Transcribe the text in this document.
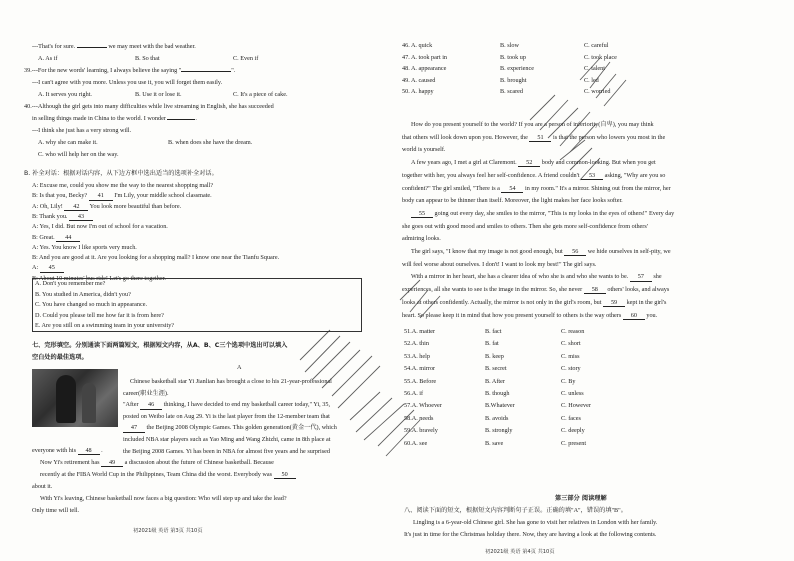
---That's for sure.	we may meet with the bad weather.
A. As if	B. So that	C. Even if
39.---For the new words' learning, I always believe the saying "	".
---I can't agree with you more. Unless you use it, you will forget them easily.
A. It serves you right.	B. Use it or lose it.	C. It's a piece of cake.
40.---Although the girl gets into many difficulties while live streaming in English, she has succeeded
in selling things made in China to the world. I wonder	.
---I think she just has a very strong will.
A. why she can make it.	B. when does she have the dream.
C. who will help her on the way.
B. 补全对话：根据对话内容，从下边方框中选出适当的选项补全对话。
A: Excuse me, could you show me the way to the nearest shopping mall?
B: Is that you, Becky? 41 I'm Lily, your middle school classmate.
A: Oh, Lily! 42 You look more beautiful than before.
B: Thank you. 43
A: Yes, I did. But now I'm out of school for a vacation.
B: Great. 44
A: Yes. You know I like sports very much.
B: And you are good at it. Are you looking for a shopping mall? I know one near the Tianfu Square.
A: 45
B: About 10 minutes' bus ride! Let's go there together.
A. Don't you remember me?
B. You studied in America, didn't you?
C. You have changed so much in appearance.
D. Could you please tell me how far it is from here?
E. Are you still on a swimming team in your university?
七、完形填空。分别通读下面两篇短文，根据短文内容，从A、B、C三个选项中选出可以填入
空白处的最佳选项。
A
Chinese basketball star Yi Jianlian has brought a close to his 21-year-professional
career(职业生涯).
"After 46 thinking, I have decided to end my basketball career today," Yi, 35,
posted on Weibo late on Aug 29. Yi is the last player from the 12-member team that
47 the Beijing 2008 Olympic Games. This golden generation(黄金一代), which
included NBA star players such as Yao Ming and Wang Zhizhi, came in 8th place at
the Beijing 2008 Games. Yi has been in NBA for almost five years and he surprised
everyone with his 48 .
Now Yi's retirement has 49 a discussion about the future of Chinese basketball. Because
recently at the FIBA World Cup in the Philippines, Team China did the worst. Everybody was 50
about it.
With Yi's leaving, Chinese basketball now faces a big question: Who will step up and take the lead?
Only time will tell.
初2021级 英语 第3页 共10页
46. A. quick	B. slow	C. careful
47. A. took part in	B. took up	C. took place
48. A. appearance	B. experience	C. talent
49. A. caused	B. brought	C. led
50. A. happy	B. scared	C. worried
How do you present yourself to the world? If you are a person of inferiority(自卑), you may think
that others will look down upon you. However, the 51 is that the person who lowers you most in the
world is yourself.
A few years ago, I met a girl at Claremont. 52 body and common-looking. But when you get
together with her, you always feel her self-confidence. A friend couldn't 53 asking, "Why are you so
confident?" The girl smiled, "There is a 54 in my room." It's a mirror. Shining out from the mirror, her
body can appear to be thinner than itself. Moreover, the light makes her face looks softer.
55 going out every day, she smiles to the mirror, "This is my looks in the eyes of others!" Every day
she goes out with good mood and smiles to others. Then she gets more self-confidence from others'
admiring looks.
The girl says, "I know that my image is not good enough, but 56 we hide ourselves in self-pity, we
will feel worse about ourselves. I don't! I want to look my best!" The girl says.
With a mirror in her heart, she has a clearer idea of who she is and who she wants to be. 57 she
experiences, all she wants to see is the image in the mirror. So, she never 58 others' looks, and always
looks at others confidently. Actually, the mirror is not only in the girl's room, but 59 kept in the girl's
heart. So please keep it in mind that how you present yourself to others is the way others 60 you.
51.A. matter	B. fact	C. reason
52.A. thin	B. fat	C. short
53.A. help	B. keep	C. miss
54.A. mirror	B. secret	C. story
55.A. Before	B. After	C. By
56.A. if	B. though	C. unless
57.A. Whoever	B.Whatever	C. However
58.A. needs	B. avoids	C. faces
59.A. bravely	B. strongly	C. deeply
60.A. see	B. save	C. present
第三部分 阅读理解
八、阅读下面的短文，根据短文内容判断句子正误。正确的填"A"，错误的填"B"。
Lingling is a 6-year-old Chinese girl. She has gone to visit her relatives in London with her family.
It's just in time for the Christmas holiday there. Now, they are having a look at the following contents.
初2021级 英语 第4页 共10页
